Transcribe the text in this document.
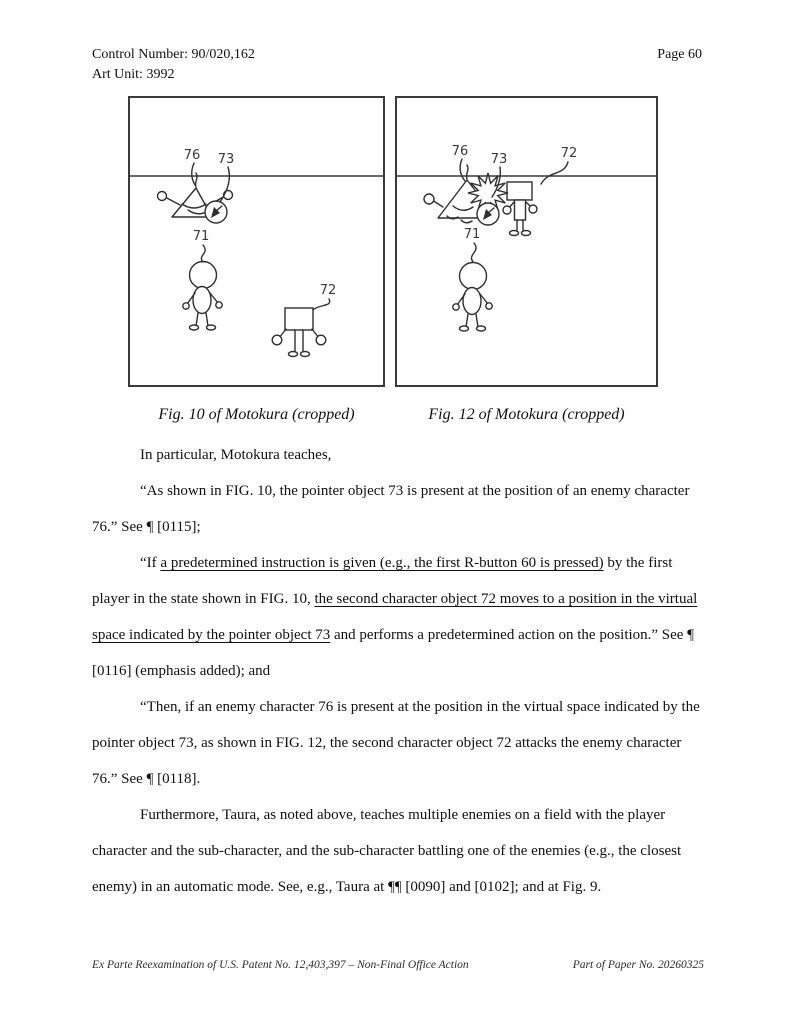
Control Number: 90/020,162
Art Unit: 3992
Page 60
76 73
71
72
76
73	72
71
Fig. 10 of Motokura (cropped)	Fig. 12 of Motokura (cropped)

In particular, Motokura teaches,

“As shown in FIG. 10, the pointer object 73 is present at the position of an enemy character 76.” See ¶ [0115];

“If a predetermined instruction is given (e.g., the first R-button 60 is pressed) by the first player in the state shown in FIG. 10, the second character object 72 moves to a position in the virtual space indicated by the pointer object 73 and performs a predetermined action on the position.” See ¶ [0116] (emphasis added); and

“Then, if an enemy character 76 is present at the position in the virtual space indicated by the pointer object 73, as shown in FIG. 12, the second character object 72 attacks the enemy character 76.” See ¶ [0118].

Furthermore, Taura, as noted above, teaches multiple enemies on a field with the player character and the sub-character, and the sub-character battling one of the enemies (e.g., the closest enemy) in an automatic mode. See, e.g., Taura at ¶¶ [0090] and [0102]; and at Fig. 9.

Ex Parte Reexamination of U.S. Patent No. 12,403,397 – Non-Final Office Action	Part of Paper No. 20260325
